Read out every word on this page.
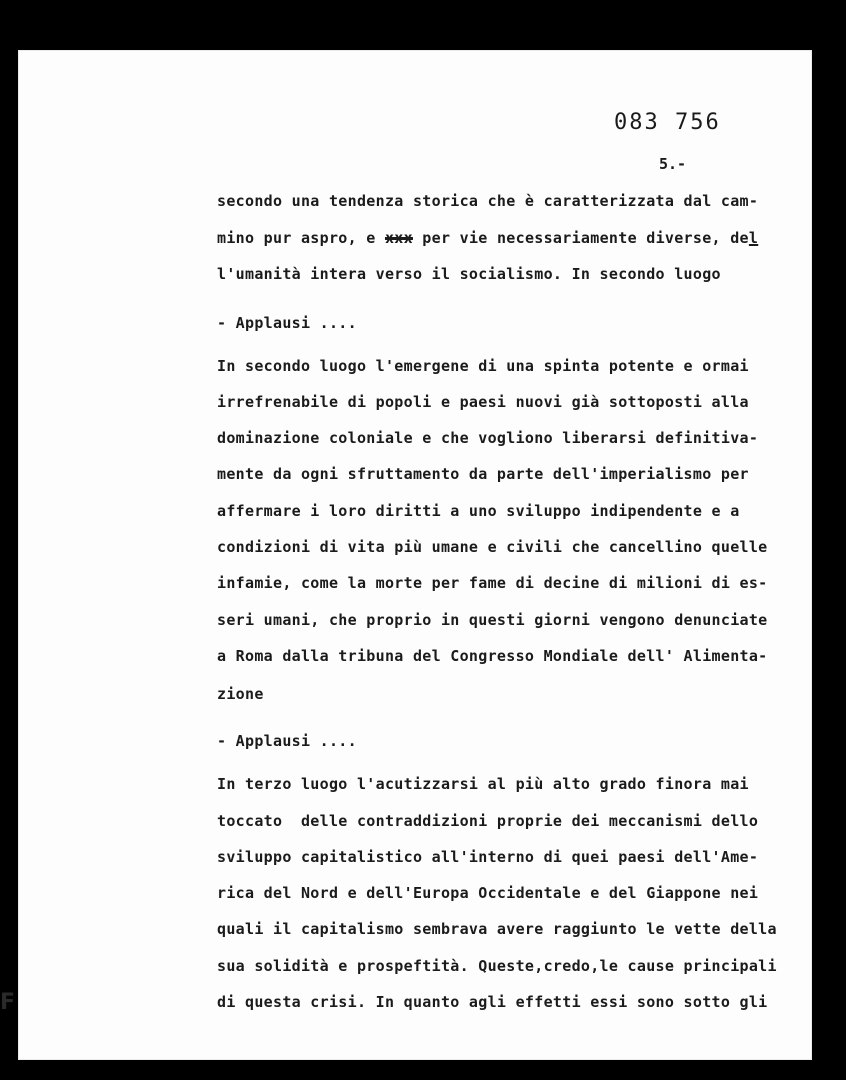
F
083 756
5.-
secondo una tendenza storica che è caratterizzata dal cam-
mino pur aspro, e xxx per vie necessariamente diverse, del
l'umanità intera verso il socialismo. In secondo luogo
- Applausi ....
In secondo luogo l'emergene di una spinta potente e ormai
irrefrenabile di popoli e paesi nuovi già sottoposti alla
dominazione coloniale e che vogliono liberarsi definitiva-
mente da ogni sfruttamento da parte dell'imperialismo per
affermare i loro diritti a uno sviluppo indipendente e a
condizioni di vita più umane e civili che cancellino quelle
infamie, come la morte per fame di decine di milioni di es-
seri umani, che proprio in questi giorni vengono denunciate
a Roma dalla tribuna del Congresso Mondiale dell' Alimenta-
zione
- Applausi ....
In terzo luogo l'acutizzarsi al più alto grado finora mai
toccato  delle contraddizioni proprie dei meccanismi dello
sviluppo capitalistico all'interno di quei paesi dell'Ame-
rica del Nord e dell'Europa Occidentale e del Giappone nei
quali il capitalismo sembrava avere raggiunto le vette della
sua solidità e prospeftità. Queste,credo,le cause principali
di questa crisi. In quanto agli effetti essi sono sotto gli
